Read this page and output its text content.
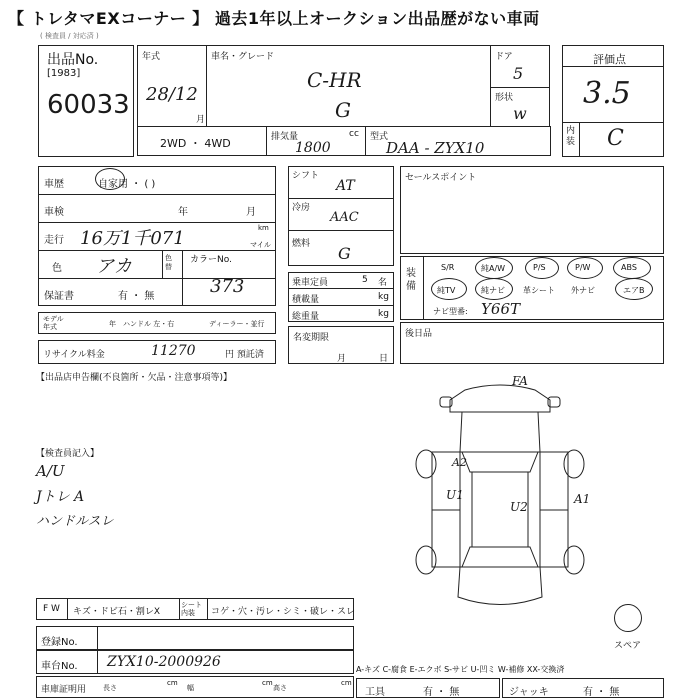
【 トレタマEXコーナー 】 過去1年以上オークション出品歴がない車両
( 検査員 / 対応済 )
出品No.
[1983]
60033
年式
28/12
月
車名・グレード
C-HR
G
ドア
5
形状
w
2WD ・ 4WD	排気量	cc
1800
型式
DAA - ZYX10
評価点
3.5
内装 C
車歴	自家用 ・ ( )
車検	年	月
走行 16万1千071	km
マイル
色 アカ	色替
カラーNo.
373
保証書	有 ・ 無
モデル年式	年 ハンドル 左・右	ディーラー・並行
リサイクル料金	11270	円 預託済
シフト
AT
冷房
AAC
燃料 G
乗車定員	5 名
積載量	kg
総重量	kg
名変期限
月	日
セールスポイント
装備
S/R	純A/W	P/S	P/W	ABS
純TV	純ナビ 革シート 外ナビ	エアB
ナビ型番: Y66T
後日品
【出品店申告欄(不良箇所・欠品・注意事項等)】
【検査員記入】
A/U
Jトレ A
ハンドルスレ
FA
A2
U1
U2
A1
スペア
F W キズ・ドビ石・割レX
シート内装	コゲ・穴・汚レ・シミ・破レ・スレ
登録No.
車台No. ZYX10-2000926
車庫証明用 長さ
cm
幅
cm
高さ
cm
A-キズ C-腐食 E-エクボ S-サビ U-凹ミ W-補修 XX-交換済
工具	有 ・ 無	ジャッキ	有 ・ 無
